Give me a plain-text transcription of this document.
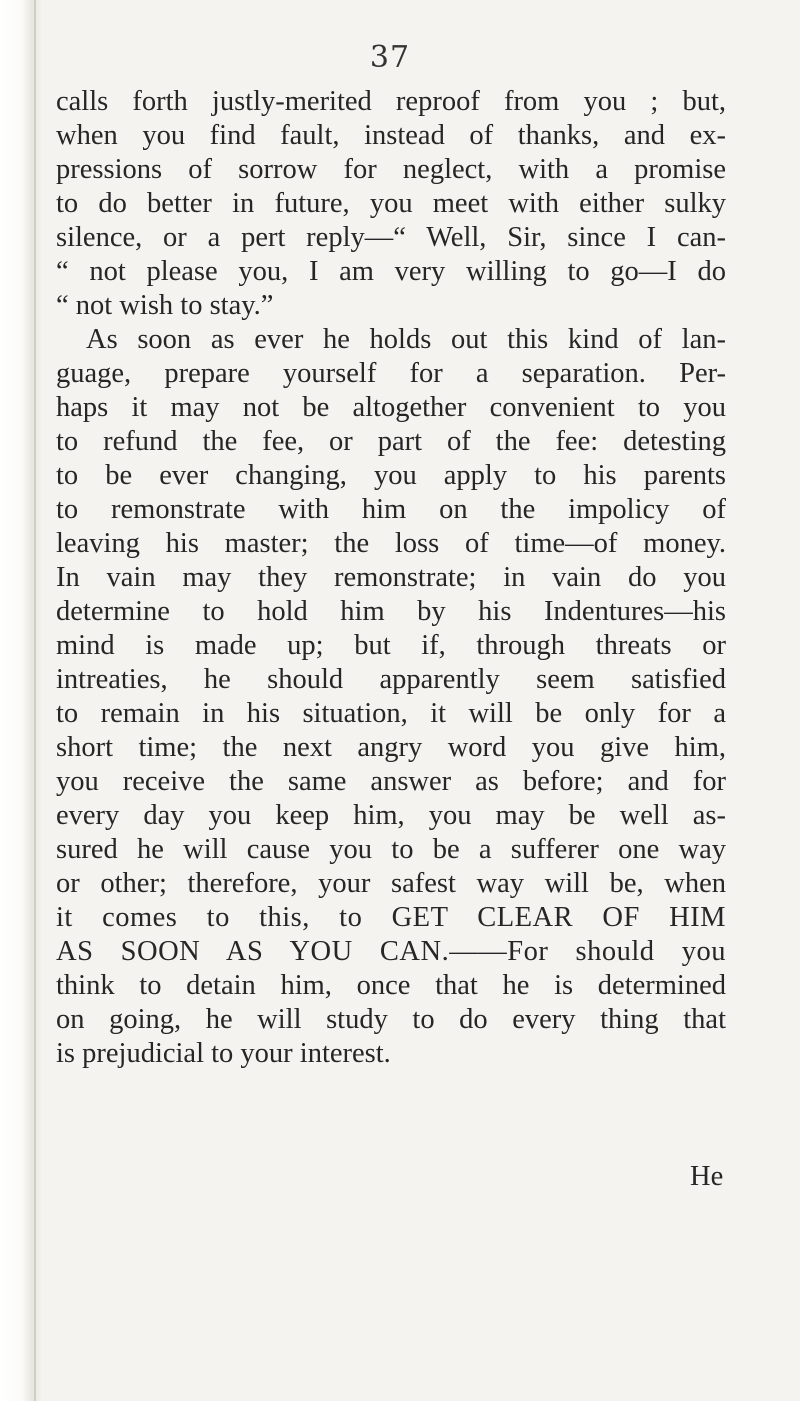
37
calls forth justly-merited reproof from you ; but,
when you find fault, instead of thanks, and ex-
pressions of sorrow for neglect, with a promise
to do better in future, you meet with either sulky
silence, or a pert reply—“ Well, Sir, since I can-
“ not please you, I am very willing to go—I do
“ not wish to stay.”
As soon as ever he holds out this kind of lan-
guage, prepare yourself for a separation. Per-
haps it may not be altogether convenient to you
to refund the fee, or part of the fee: detesting
to be ever changing, you apply to his parents
to remonstrate with him on the impolicy of
leaving his master; the loss of time—of money.
In vain may they remonstrate; in vain do you
determine to hold him by his Indentures—his
mind is made up; but if, through threats or
intreaties, he should apparently seem satisfied
to remain in his situation, it will be only for a
short time; the next angry word you give him,
you receive the same answer as before; and for
every day you keep him, you may be well as-
sured he will cause you to be a sufferer one way
or other; therefore, your safest way will be, when
it comes to this, to GET CLEAR OF HIM
AS SOON AS YOU CAN.——For should you
think to detain him, once that he is determined
on going, he will study to do every thing that
is prejudicial to your interest.
He
